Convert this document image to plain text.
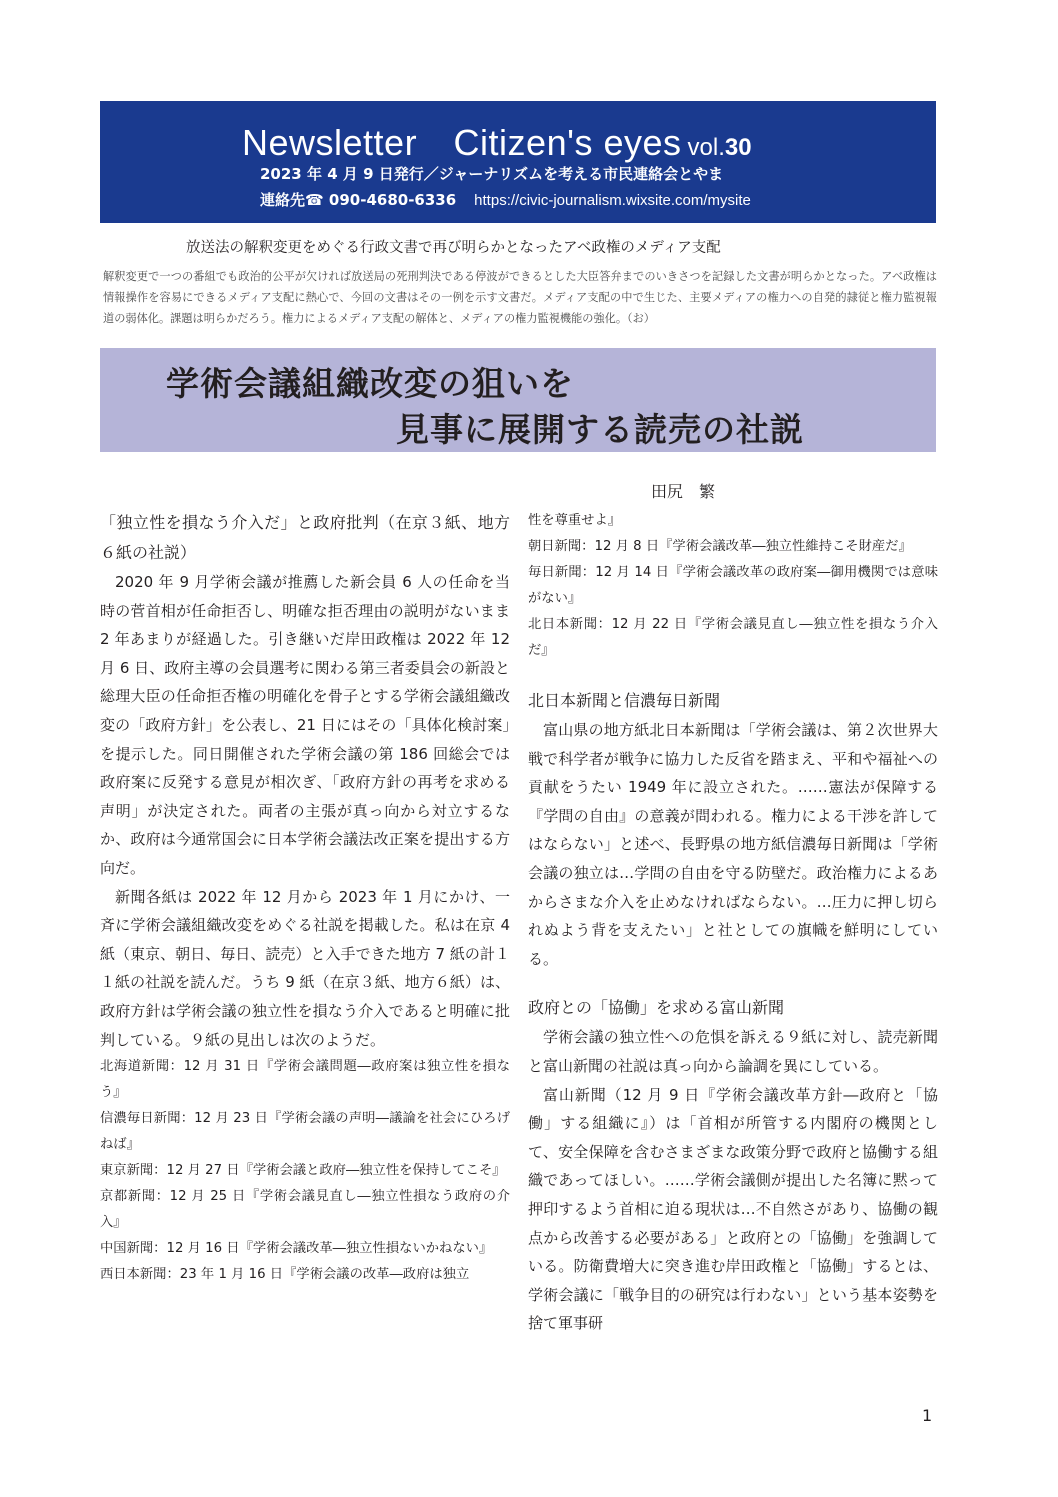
Newsletter　Citizen's eyes vol.30
2023 年 4 月 9 日発行／ジャーナリズムを考える市民連絡会とやま
連絡先☎ 090-4680-6336 https://civic-journalism.wixsite.com/mysite
放送法の解釈変更をめぐる行政文書で再び明らかとなったアベ政権のメディア支配
解釈変更で一つの番組でも政治的公平が欠ければ放送局の死刑判決である停波ができるとした大臣答弁までのいきさつを記録した文書が明らかとなった。アベ政権は情報操作を容易にできるメディア支配に熱心で、今回の文書はその一例を示す文書だ。メディア支配の中で生じた、主要メディアの権力への自発的隷従と権力監視報道の弱体化。課題は明らかだろう。権力によるメディア支配の解体と、メディアの権力監視機能の強化。（お）
学術会議組織改変の狙いを
見事に展開する読売の社説
田尻　繁
「独立性を損なう介入だ」と政府批判（在京３紙、地方６紙の社説）

2020 年 9 月学術会議が推薦した新会員 6 人の任命を当時の菅首相が任命拒否し、明確な拒否理由の説明がないまま 2 年あまりが経過した。引き継いだ岸田政権は 2022 年 12 月 6 日、政府主導の会員選考に関わる第三者委員会の新設と総理大臣の任命拒否権の明確化を骨子とする学術会議組織改変の「政府方針」を公表し、21 日にはその「具体化検討案」を提示した。同日開催された学術会議の第 186 回総会では政府案に反発する意見が相次ぎ、「政府方針の再考を求める声明」が決定された。両者の主張が真っ向から対立するなか、政府は今通常国会に日本学術会議法改正案を提出する方向だ。

新聞各紙は 2022 年 12 月から 2023 年 1 月にかけ、一斉に学術会議組織改変をめぐる社説を掲載した。私は在京 4 紙（東京、朝日、毎日、読売）と入手できた地方 7 紙の計１１紙の社説を読んだ。うち 9 紙（在京３紙、地方６紙）は、政府方針は学術会議の独立性を損なう介入であると明確に批判している。９紙の見出しは次のようだ。

北海道新聞：12 月 31 日『学術会議問題―政府案は独立性を損なう』

信濃毎日新聞：12 月 23 日『学術会議の声明―議論を社会にひろげねば』

東京新聞：12 月 27 日『学術会議と政府―独立性を保持してこそ』

京都新聞：12 月 25 日『学術会議見直し―独立性損なう政府の介入』

中国新聞：12 月 16 日『学術会議改革―独立性損ないかねない』

西日本新聞：23 年 1 月 16 日『学術会議の改革―政府は独立

性を尊重せよ』

朝日新聞：12 月 8 日『学術会議改革―独立性維持こそ財産だ』

毎日新聞：12 月 14 日『学術会議改革の政府案―御用機関では意味がない』

北日本新聞：12 月 22 日『学術会議見直し―独立性を損なう介入だ』

北日本新聞と信濃毎日新聞

富山県の地方紙北日本新聞は「学術会議は、第２次世界大戦で科学者が戦争に協力した反省を踏まえ、平和や福祉への貢献をうたい 1949 年に設立された。……憲法が保障する『学問の自由』の意義が問われる。権力による干渉を許してはならない」と述べ、長野県の地方紙信濃毎日新聞は「学術会議の独立は…学問の自由を守る防壁だ。政治権力によるあからさまな介入を止めなければならない。…圧力に押し切られぬよう背を支えたい」と社としての旗幟を鮮明にしている。

政府との「協働」を求める富山新聞

学術会議の独立性への危惧を訴える９紙に対し、読売新聞と富山新聞の社説は真っ向から論調を異にしている。

富山新聞（12 月 9 日『学術会議改革方針―政府と「協働」する組織に』）は「首相が所管する内閣府の機関として、安全保障を含むさまざまな政策分野で政府と協働する組織であってほしい。……学術会議側が提出した名簿に黙って押印するよう首相に迫る現状は…不自然さがあり、協働の観点から改善する必要がある」と政府との「協働」を強調している。防衛費増大に突き進む岸田政権と「協働」するとは、学術会議に「戦争目的の研究は行わない」という基本姿勢を捨て軍事研

1
